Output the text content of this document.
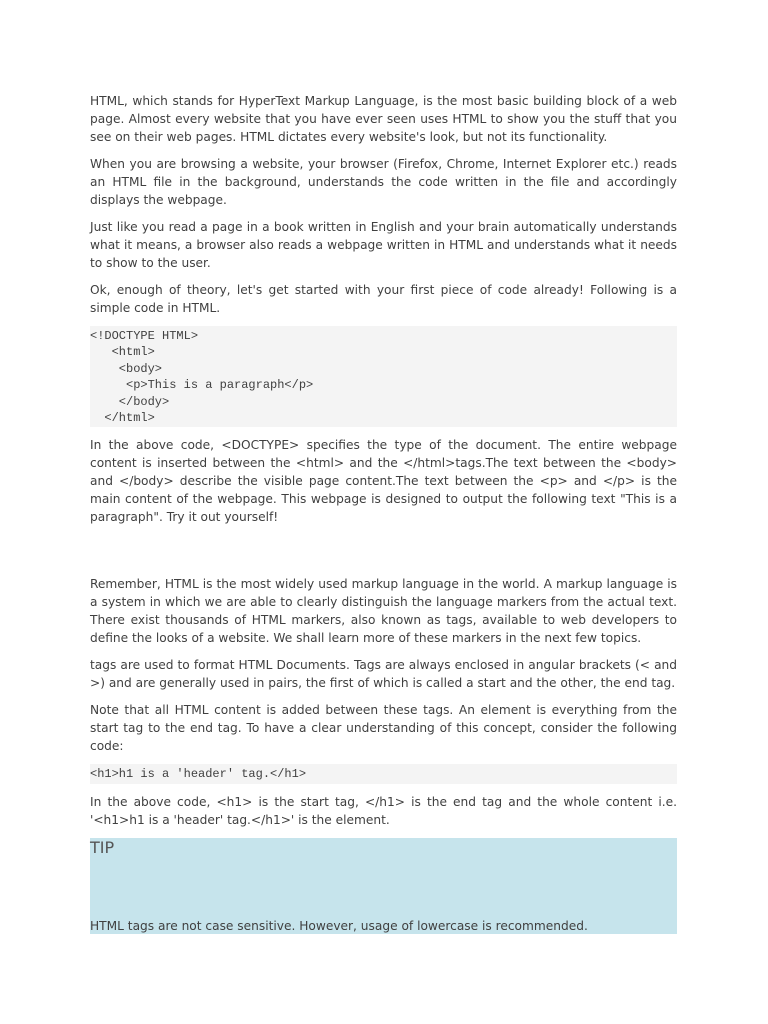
HTML, which stands for HyperText Markup Language, is the most basic building block of a web page. Almost every website that you have ever seen uses HTML to show you the stuff that you see on their web pages. HTML dictates every website's look, but not its functionality.

When you are browsing a website, your browser (Firefox, Chrome, Internet Explorer etc.) reads an HTML file in the background, understands the code written in the file and accordingly displays the webpage.

Just like you read a page in a book written in English and your brain automatically understands what it means, a browser also reads a webpage written in HTML and understands what it needs to show to the user.

Ok, enough of theory, let's get started with your first piece of code already! Following is a simple code in HTML.

<!DOCTYPE HTML>
<html>
<body>
<p>This is a paragraph</p>
</body>
</html>

In the above code, <DOCTYPE> specifies the type of the document. The entire webpage content is inserted between the <html> and the </html>tags.The text between the <body> and </body> describe the visible page content.The text between the <p> and </p> is the main content of the webpage. This webpage is designed to output the following text "This is a paragraph". Try it out yourself!

Remember, HTML is the most widely used markup language in the world. A markup language is a system in which we are able to clearly distinguish the language markers from the actual text. There exist thousands of HTML markers, also known as tags, available to web developers to define the looks of a website. We shall learn more of these markers in the next few topics.

tags are used to format HTML Documents. Tags are always enclosed in angular brackets (< and >) and are generally used in pairs, the first of which is called a start and the other, the end tag.

Note that all HTML content is added between these tags. An element is everything from the start tag to the end tag. To have a clear understanding of this concept, consider the following code:

<h1>h1 is a 'header' tag.</h1>

In the above code, <h1> is the start tag, </h1> is the end tag and the whole content i.e. '<h1>h1 is a 'header' tag.</h1>' is the element.

TIP
HTML tags are not case sensitive. However, usage of lowercase is recommended.
